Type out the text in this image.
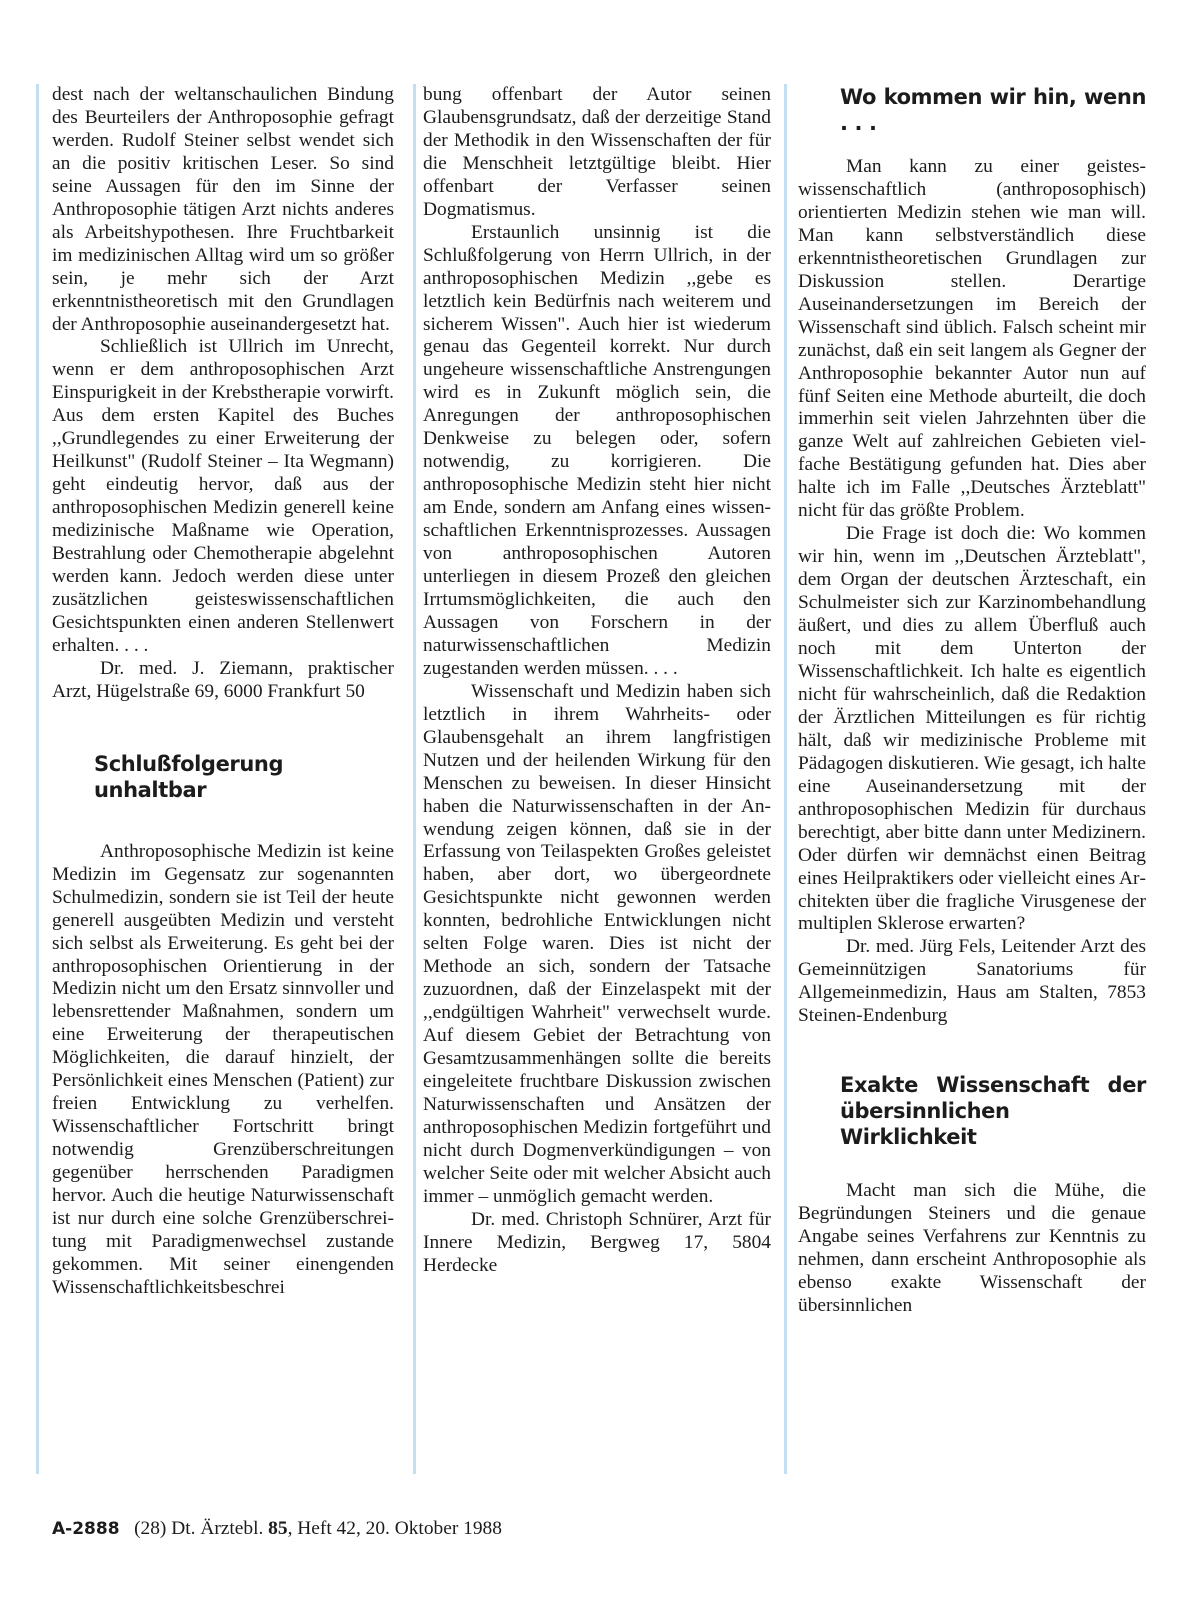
dest nach der weltanschaulichen Bindung des Beurteilers der Anthroposophie gefragt werden. Rudolf Steiner selbst wendet sich an die positiv kritischen Leser. So sind seine Aussagen für den im Sinne der Anthroposophie tätigen Arzt nichts anderes als Arbeitshypothesen. Ihre Fruchtbarkeit im medizinischen Alltag wird um so größer sein, je mehr sich der Arzt erkenntnistheoretisch mit den Grundlagen der Anthroposophie auseinandergesetzt hat.

Schließlich ist Ullrich im Unrecht, wenn er dem anthroposophischen Arzt Einspurigkeit in der Krebstherapie vorwirft. Aus dem ersten Kapitel des Buches ,,Grundlegendes zu einer Erweiterung der Heilkunst" (Rudolf Steiner – Ita Wegmann) geht eindeutig hervor, daß aus der anthroposophischen Medizin generell keine medizinische Maßname wie Operation, Bestrahlung oder Chemotherapie abgelehnt werden kann. Jedoch werden diese unter zusätzlichen geisteswissenschaftlichen Gesichtspunkten einen anderen Stellenwert erhalten. . . .

Dr. med. J. Ziemann, praktischer Arzt, Hügelstraße 69, 6000 Frankfurt 50

Schlußfolgerung unhaltbar

Anthroposophische Medizin ist keine Medizin im Gegensatz zur sogenannten Schulmedizin, sondern sie ist Teil der heute generell ausgeübten Medizin und versteht sich selbst als Erweiterung. Es geht bei der anthroposophischen Orientierung in der Medizin nicht um den Ersatz sinnvoller und lebensrettender Maßnahmen, sondern um eine Erweiterung der therapeutischen Möglichkeiten, die darauf hinzielt, der Persönlichkeit eines Menschen (Patient) zur freien Entwicklung zu verhelfen. Wissenschaftlicher Fortschritt bringt notwendig Grenzüberschreitungen gegenüber herrschenden Paradigmen hervor. Auch die heutige Naturwissenschaft ist nur durch eine solche Grenzüberschreitung mit Paradigmenwechsel zustande gekommen. Mit seiner einengenden Wissenschaftlichkeitsbeschrei

bung offenbart der Autor seinen Glaubensgrundsatz, daß der derzeitige Stand der Methodik in den Wissenschaften der für die Menschheit letztgültige bleibt. Hier offenbart der Verfasser seinen Dogmatismus.

Erstaunlich unsinnig ist die Schlußfolgerung von Herrn Ullrich, in der anthroposophischen Medizin ,,gebe es letztlich kein Bedürfnis nach weiterem und sicherem Wissen". Auch hier ist wiederum genau das Gegenteil korrekt. Nur durch ungeheure wissenschaftliche Anstrengungen wird es in Zukunft möglich sein, die Anregungen der anthroposophischen Denkweise zu belegen oder, sofern notwendig, zu korrigieren. Die anthroposophische Medizin steht hier nicht am Ende, sondern am Anfang eines wissenschaftlichen Erkenntnisprozesses. Aussagen von anthroposophischen Autoren unterliegen in diesem Prozeß den gleichen Irrtumsmöglichkeiten, die auch den Aussagen von Forschern in der naturwissenschaftlichen Medizin zugestanden werden müssen. . . .

Wissenschaft und Medizin haben sich letztlich in ihrem Wahrheits- oder Glaubensgehalt an ihrem langfristigen Nutzen und der heilenden Wirkung für den Menschen zu beweisen. In dieser Hinsicht haben die Naturwissenschaften in der Anwendung zeigen können, daß sie in der Erfassung von Teilaspekten Großes geleistet haben, aber dort, wo übergeordnete Gesichtspunkte nicht gewonnen werden konnten, bedrohliche Entwicklungen nicht selten Folge waren. Dies ist nicht der Methode an sich, sondern der Tatsache zuzuordnen, daß der Einzelaspekt mit der ,,endgültigen Wahrheit" verwechselt wurde. Auf diesem Gebiet der Betrachtung von Gesamtzusammenhängen sollte die bereits eingeleitete fruchtbare Diskussion zwischen Naturwissenschaften und Ansätzen der anthroposophischen Medizin fortgeführt und nicht durch Dogmenverkündigungen – von welcher Seite oder mit welcher Absicht auch immer – unmöglich gemacht werden.

Dr. med. Christoph Schnürer, Arzt für Innere Medizin, Bergweg 17, 5804 Herdecke

Wo kommen wir hin, wenn . . .

Man kann zu einer geisteswissenschaftlich (anthroposophisch) orientierten Medizin stehen wie man will. Man kann selbstverständlich diese erkenntnistheoretischen Grundlagen zur Diskussion stellen. Derartige Auseinandersetzungen im Bereich der Wissenschaft sind üblich. Falsch scheint mir zunächst, daß ein seit langem als Gegner der Anthroposophie bekannter Autor nun auf fünf Seiten eine Methode aburteilt, die doch immerhin seit vielen Jahrzehnten über die ganze Welt auf zahlreichen Gebieten vielfache Bestätigung gefunden hat. Dies aber halte ich im Falle ,,Deutsches Ärzteblatt" nicht für das größte Problem.

Die Frage ist doch die: Wo kommen wir hin, wenn im ,,Deutschen Ärzteblatt", dem Organ der deutschen Ärzteschaft, ein Schulmeister sich zur Karzinombehandlung äußert, und dies zu allem Überfluß auch noch mit dem Unterton der Wissenschaftlichkeit. Ich halte es eigentlich nicht für wahrscheinlich, daß die Redaktion der Ärztlichen Mitteilungen es für richtig hält, daß wir medizinische Probleme mit Pädagogen diskutieren. Wie gesagt, ich halte eine Auseinandersetzung mit der anthroposophischen Medizin für durchaus berechtigt, aber bitte dann unter Medizinern. Oder dürfen wir demnächst einen Beitrag eines Heilpraktikers oder vielleicht eines Architekten über die fragliche Virusgenese der multiplen Sklerose erwarten?

Dr. med. Jürg Fels, Leitender Arzt des Gemeinnützigen Sanatoriums für Allgemeinmedizin, Haus am Stalten, 7853 Steinen-Endenburg

Exakte Wissenschaft der übersinnlichen Wirklichkeit

Macht man sich die Mühe, die Begründungen Steiners und die genaue Angabe seines Verfahrens zur Kenntnis zu nehmen, dann erscheint Anthroposophie als ebenso exakte Wissenschaft der übersinnlichen

A-2888 (28) Dt. Ärztebl. 85, Heft 42, 20. Oktober 1988
